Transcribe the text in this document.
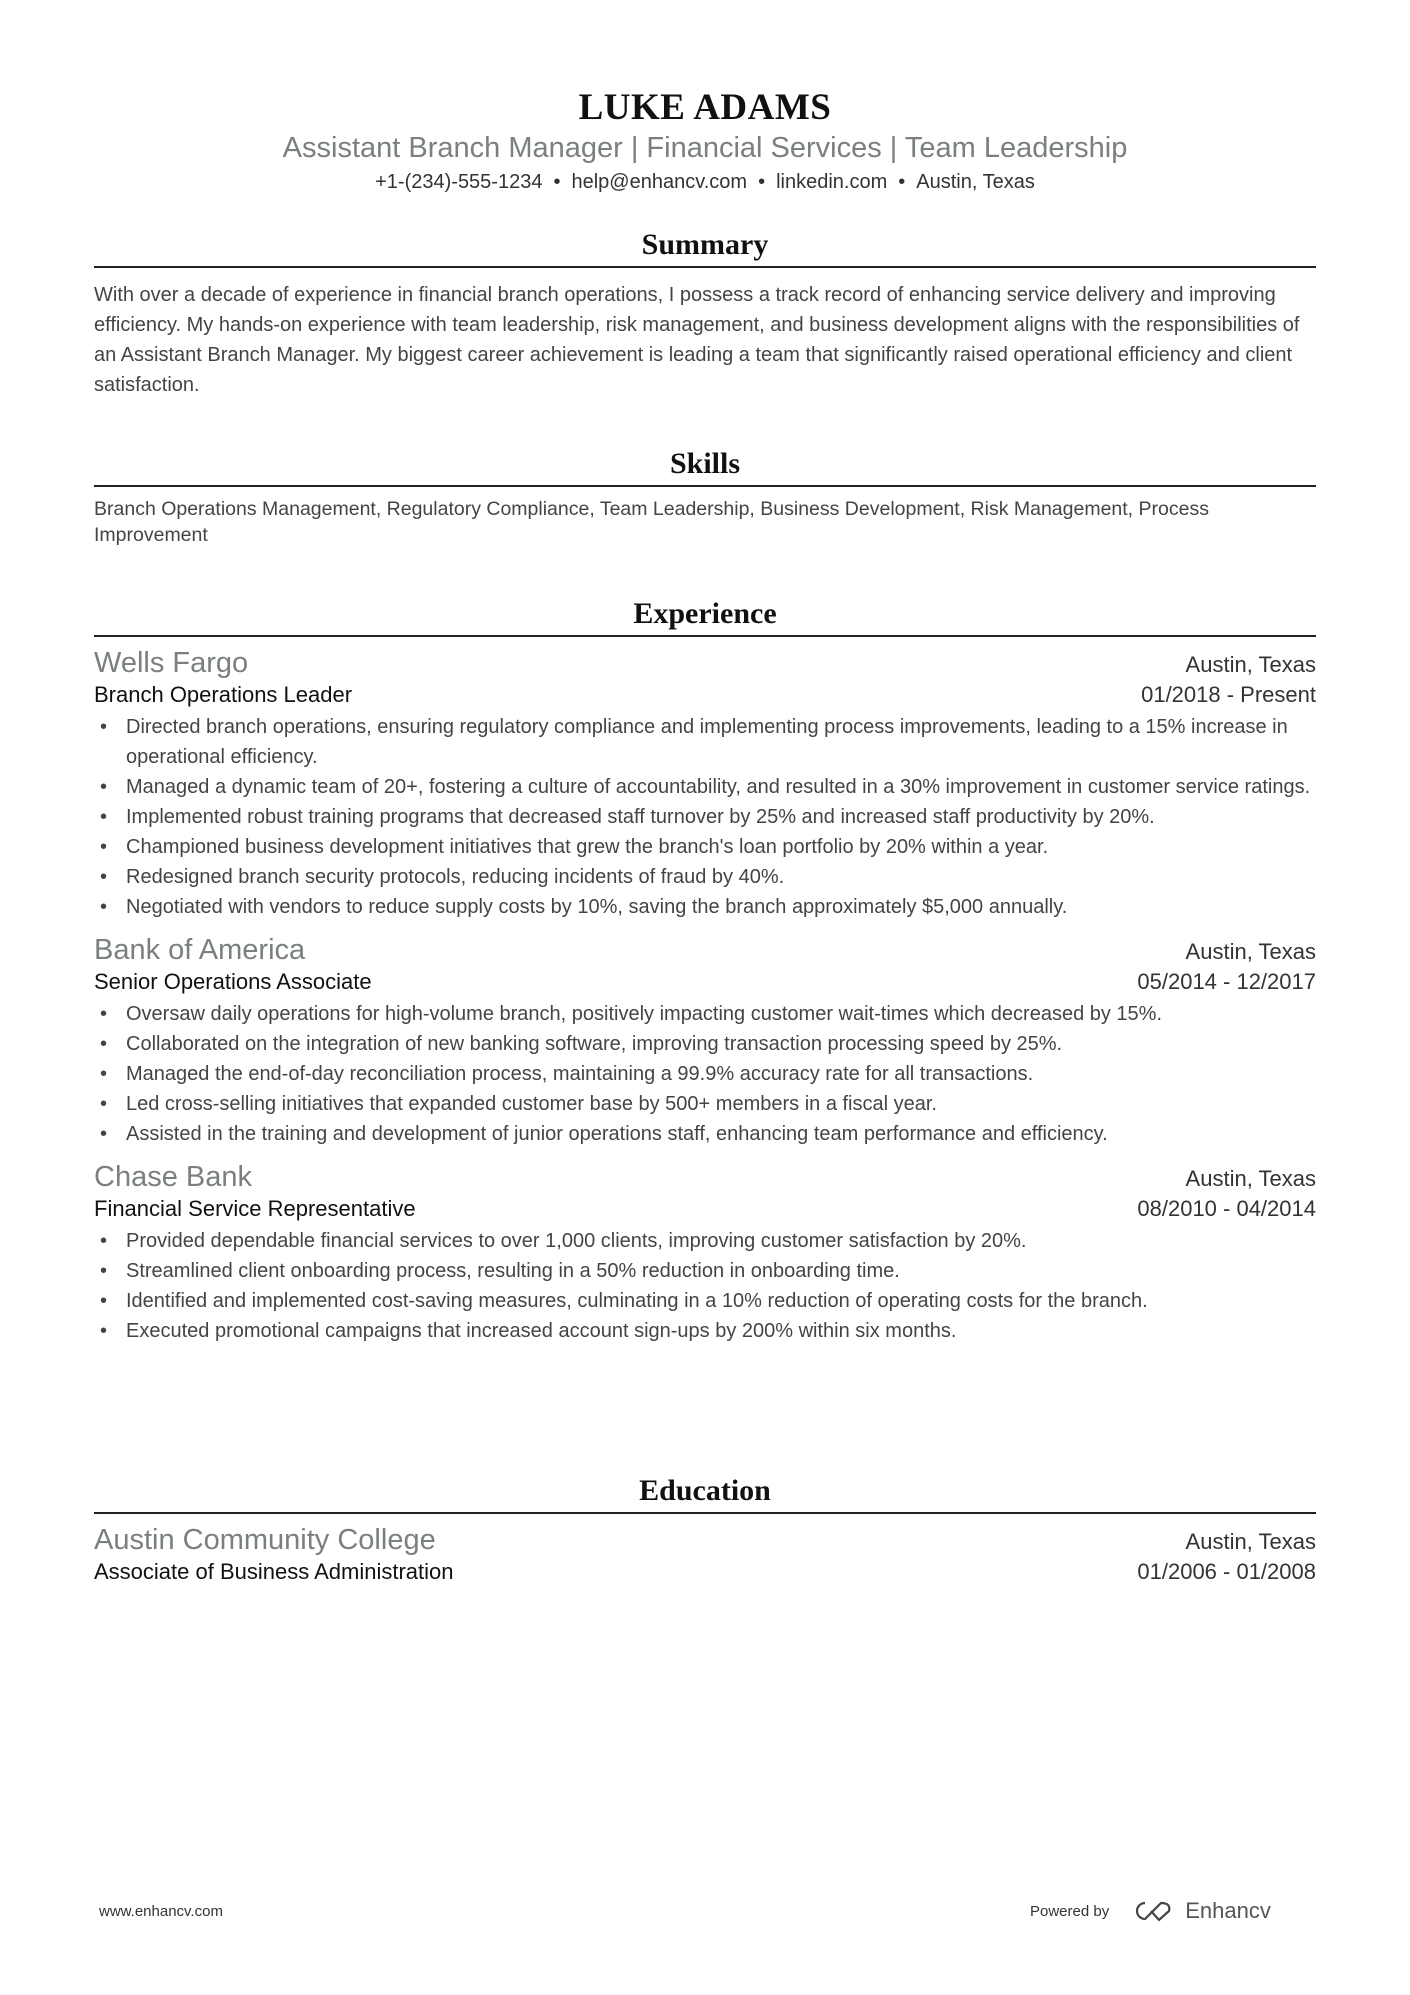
LUKE ADAMS
Assistant Branch Manager | Financial Services | Team Leadership
+1-(234)-555-1234 • help@enhancv.com • linkedin.com • Austin, Texas
Summary
With over a decade of experience in financial branch operations, I possess a track record of enhancing service delivery and improving efficiency. My hands-on experience with team leadership, risk management, and business development aligns with the responsibilities of an Assistant Branch Manager. My biggest career achievement is leading a team that significantly raised operational efficiency and client satisfaction.
Skills
Branch Operations Management, Regulatory Compliance, Team Leadership, Business Development, Risk Management, Process Improvement
Experience
Wells Fargo	Austin, Texas
Branch Operations Leader	01/2018 - Present
• Directed branch operations, ensuring regulatory compliance and implementing process improvements, leading to a 15% increase in operational efficiency.
• Managed a dynamic team of 20+, fostering a culture of accountability, and resulted in a 30% improvement in customer service ratings.
• Implemented robust training programs that decreased staff turnover by 25% and increased staff productivity by 20%.
• Championed business development initiatives that grew the branch's loan portfolio by 20% within a year.
• Redesigned branch security protocols, reducing incidents of fraud by 40%.
• Negotiated with vendors to reduce supply costs by 10%, saving the branch approximately $5,000 annually.
Bank of America	Austin, Texas
Senior Operations Associate	05/2014 - 12/2017
• Oversaw daily operations for high-volume branch, positively impacting customer wait-times which decreased by 15%.
• Collaborated on the integration of new banking software, improving transaction processing speed by 25%.
• Managed the end-of-day reconciliation process, maintaining a 99.9% accuracy rate for all transactions.
• Led cross-selling initiatives that expanded customer base by 500+ members in a fiscal year.
• Assisted in the training and development of junior operations staff, enhancing team performance and efficiency.
Chase Bank	Austin, Texas
Financial Service Representative	08/2010 - 04/2014
• Provided dependable financial services to over 1,000 clients, improving customer satisfaction by 20%.
• Streamlined client onboarding process, resulting in a 50% reduction in onboarding time.
• Identified and implemented cost-saving measures, culminating in a 10% reduction of operating costs for the branch.
• Executed promotional campaigns that increased account sign-ups by 200% within six months.
Education
Austin Community College	Austin, Texas
Associate of Business Administration	01/2006 - 01/2008
www.enhancv.com	Powered by	Enhancv
